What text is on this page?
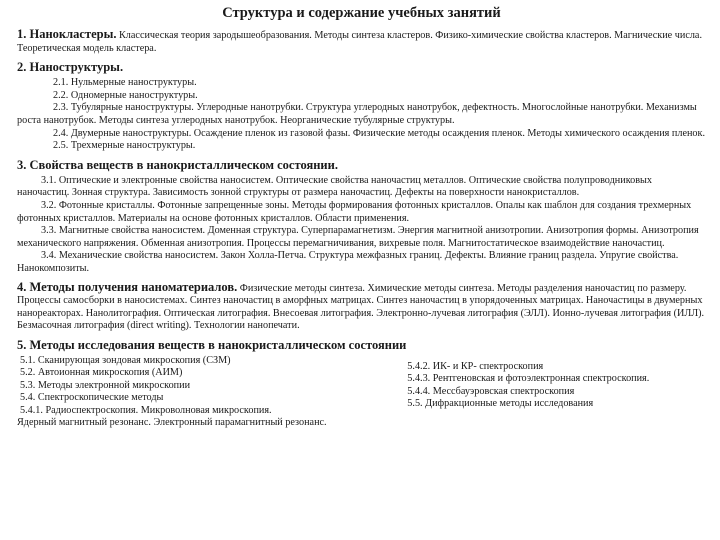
Структура и содержание учебных занятий

1. Нанокластеры. Классическая теория зародышеобразования. Методы синтеза кластеров. Физико-химические свойства кластеров. Магнические числа. Теоретическая модель кластера.

2. Наноструктуры.

2.1. Нульмерные наноструктуры.

2.2. Одномерные наноструктуры.

2.3. Тубулярные наноструктуры. Углеродные нанотрубки. Структура углеродных нанотрубок, дефектность. Многослойные нанотрубки. Механизмы роста нанотрубок. Методы синтеза углеродных нанотрубок. Неорганические тубулярные структуры.

2.4. Двумерные наноструктуры. Осаждение пленок из газовой фазы. Физические методы осаждения пленок. Методы химического осаждения пленок.

2.5. Трехмерные наноструктуры.

3. Свойства веществ в нанокристаллическом состоянии.

3.1. Оптические и электронные свойства наносистем. Оптические свойства наночастиц металлов. Оптические свойства полупроводниковых наночастиц. Зонная структура. Зависимость зонной структуры от размера наночастиц. Дефекты на поверхности нанокристаллов.

3.2. Фотонные кристаллы. Фотонные запрещенные зоны. Методы формирования фотонных кристаллов. Опалы как шаблон для создания трехмерных фотонных кристаллов. Материалы на основе фотонных кристаллов. Области применения.

3.3. Магнитные свойства наносистем. Доменная структура. Суперпарамагнетизм. Энергия магнитной анизотропии. Анизотропия формы. Анизотропия механического напряжения. Обменная анизотропия. Процессы перемагничивания, вихревые поля. Магнитостатическое взаимодействие наночастиц.

3.4. Механические свойства наносистем. Закон Холла-Петча. Структура межфазных границ. Дефекты. Влияние границ раздела. Упругие свойства. Нанокомпозиты.

4. Методы получения наноматериалов. Физические методы синтеза. Химические методы синтеза. Методы разделения наночастиц по размеру. Процессы самосборки в наносистемах. Синтез наночастиц в аморфных матрицах. Синтез наночастиц в упорядоченных матрицах. Наночастицы в двумерных нанореакторах. Нанолитография. Оптическая литография. Внесоевая литография. Электронно-лучевая литография (ЭЛЛ). Ионно-лучевая литография (ИЛЛ). Безмасочная литография (direct writing). Технологии нанопечати.

5. Методы исследования веществ в нанокристаллическом состоянии

5.1. Сканирующая зондовая микроскопия (СЗМ)

5.2. Автоионная микроскопия (АИМ)

5.3. Методы электронной микроскопии

5.4. Спектроскопические методы

5.4.1. Радиоспектроскопия. Микроволновая микроскопия.

Ядерный магнитный резонанс. Электронный парамагнитный резонанс.

5.4.2. ИК- и КР- спектроскопия

5.4.3. Рентгеновская и фотоэлектронная спектроскопия.

5.4.4. Мессбауэровская спектроскопия

5.5. Дифракционные методы исследования
